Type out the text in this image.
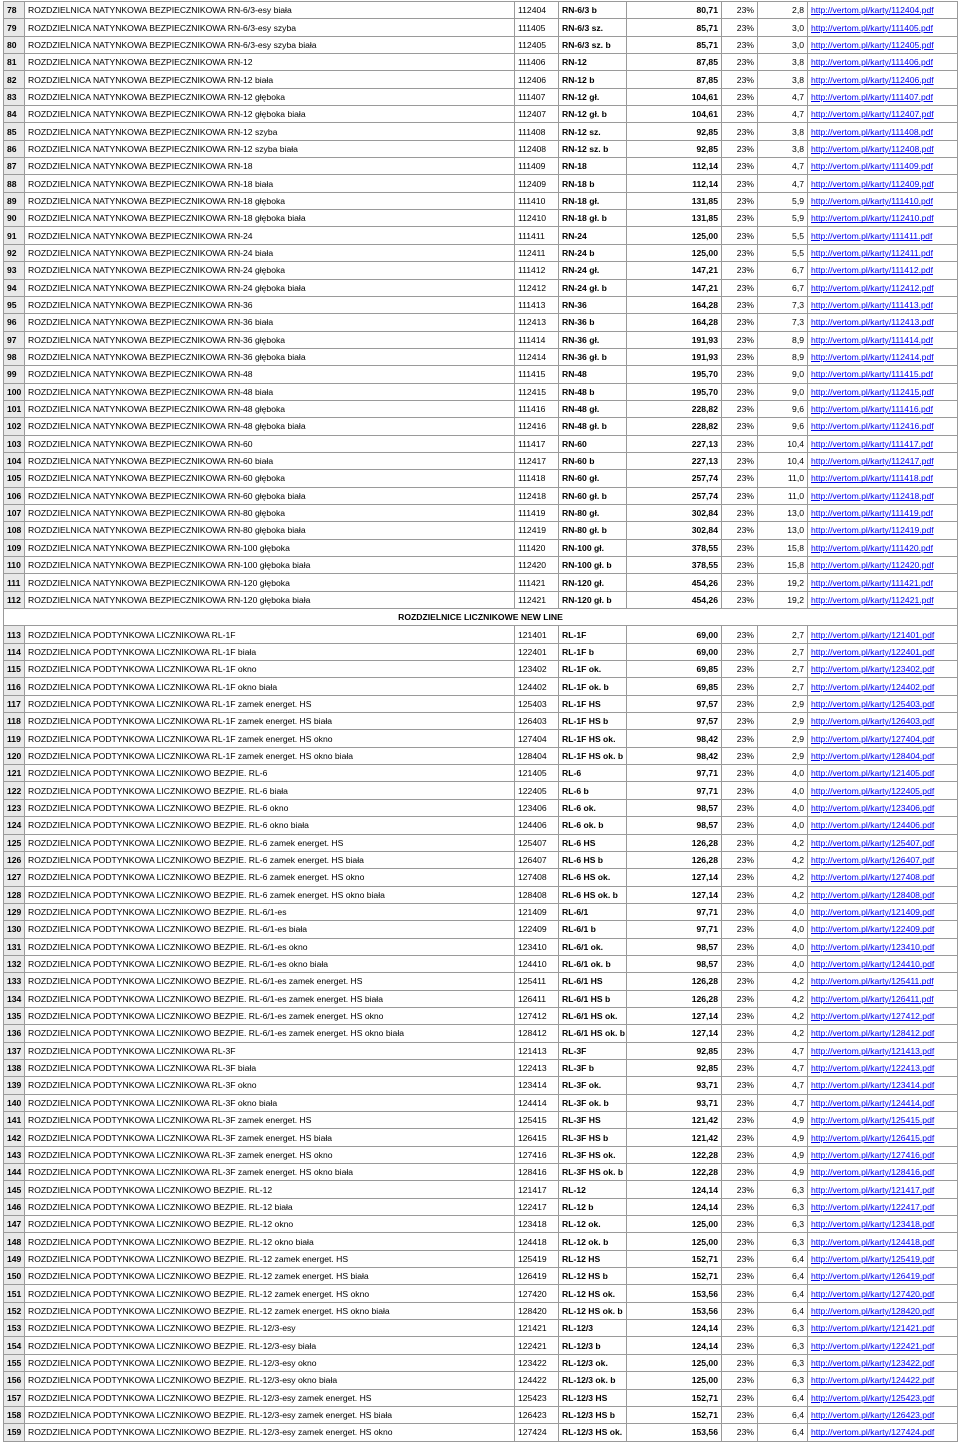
78	ROZDZIELNICA NATYNKOWA BEZPIECZNIKOWA RN-6/3-esy biała	112404	RN-6/3 b	80,71	23%	2,8	http://vertom.pl/karty/112404.pdf
79	ROZDZIELNICA NATYNKOWA BEZPIECZNIKOWA RN-6/3-esy szyba	111405	RN-6/3 sz.	85,71	23%	3,0	http://vertom.pl/karty/111405.pdf
80	ROZDZIELNICA NATYNKOWA BEZPIECZNIKOWA RN-6/3-esy szyba biała	112405	RN-6/3 sz. b	85,71	23%	3,0	http://vertom.pl/karty/112405.pdf
81	ROZDZIELNICA NATYNKOWA BEZPIECZNIKOWA RN-12	111406	RN-12	87,85	23%	3,8	http://vertom.pl/karty/111406.pdf
82	ROZDZIELNICA NATYNKOWA BEZPIECZNIKOWA RN-12 biała	112406	RN-12 b	87,85	23%	3,8	http://vertom.pl/karty/112406.pdf
83	ROZDZIELNICA NATYNKOWA BEZPIECZNIKOWA RN-12 głęboka	111407	RN-12 gł.	104,61	23%	4,7	http://vertom.pl/karty/111407.pdf
84	ROZDZIELNICA NATYNKOWA BEZPIECZNIKOWA RN-12 głęboka biała	112407	RN-12 gł. b	104,61	23%	4,7	http://vertom.pl/karty/112407.pdf
85	ROZDZIELNICA NATYNKOWA BEZPIECZNIKOWA RN-12 szyba	111408	RN-12 sz.	92,85	23%	3,8	http://vertom.pl/karty/111408.pdf
86	ROZDZIELNICA NATYNKOWA BEZPIECZNIKOWA RN-12 szyba biała	112408	RN-12 sz. b	92,85	23%	3,8	http://vertom.pl/karty/112408.pdf
87	ROZDZIELNICA NATYNKOWA BEZPIECZNIKOWA RN-18	111409	RN-18	112,14	23%	4,7	http://vertom.pl/karty/111409.pdf
88	ROZDZIELNICA NATYNKOWA BEZPIECZNIKOWA RN-18 biała	112409	RN-18 b	112,14	23%	4,7	http://vertom.pl/karty/112409.pdf
89	ROZDZIELNICA NATYNKOWA BEZPIECZNIKOWA RN-18 głęboka	111410	RN-18 gł.	131,85	23%	5,9	http://vertom.pl/karty/111410.pdf
90	ROZDZIELNICA NATYNKOWA BEZPIECZNIKOWA RN-18 głęboka biała	112410	RN-18 gł. b	131,85	23%	5,9	http://vertom.pl/karty/112410.pdf
91	ROZDZIELNICA NATYNKOWA BEZPIECZNIKOWA RN-24	111411	RN-24	125,00	23%	5,5	http://vertom.pl/karty/111411.pdf
92	ROZDZIELNICA NATYNKOWA BEZPIECZNIKOWA RN-24 biała	112411	RN-24 b	125,00	23%	5,5	http://vertom.pl/karty/112411.pdf
93	ROZDZIELNICA NATYNKOWA BEZPIECZNIKOWA RN-24 głęboka	111412	RN-24 gł.	147,21	23%	6,7	http://vertom.pl/karty/111412.pdf
94	ROZDZIELNICA NATYNKOWA BEZPIECZNIKOWA RN-24 głęboka biała	112412	RN-24 gł. b	147,21	23%	6,7	http://vertom.pl/karty/112412.pdf
95	ROZDZIELNICA NATYNKOWA BEZPIECZNIKOWA RN-36	111413	RN-36	164,28	23%	7,3	http://vertom.pl/karty/111413.pdf
96	ROZDZIELNICA NATYNKOWA BEZPIECZNIKOWA RN-36 biała	112413	RN-36 b	164,28	23%	7,3	http://vertom.pl/karty/112413.pdf
97	ROZDZIELNICA NATYNKOWA BEZPIECZNIKOWA RN-36 głęboka	111414	RN-36 gł.	191,93	23%	8,9	http://vertom.pl/karty/111414.pdf
98	ROZDZIELNICA NATYNKOWA BEZPIECZNIKOWA RN-36 głęboka biała	112414	RN-36 gł. b	191,93	23%	8,9	http://vertom.pl/karty/112414.pdf
99	ROZDZIELNICA NATYNKOWA BEZPIECZNIKOWA RN-48	111415	RN-48	195,70	23%	9,0	http://vertom.pl/karty/111415.pdf
100	ROZDZIELNICA NATYNKOWA BEZPIECZNIKOWA RN-48 biała	112415	RN-48 b	195,70	23%	9,0	http://vertom.pl/karty/112415.pdf
101	ROZDZIELNICA NATYNKOWA BEZPIECZNIKOWA RN-48 głęboka	111416	RN-48 gł.	228,82	23%	9,6	http://vertom.pl/karty/111416.pdf
102	ROZDZIELNICA NATYNKOWA BEZPIECZNIKOWA RN-48 głęboka biała	112416	RN-48 gł. b	228,82	23%	9,6	http://vertom.pl/karty/112416.pdf
103	ROZDZIELNICA NATYNKOWA BEZPIECZNIKOWA RN-60	111417	RN-60	227,13	23%	10,4	http://vertom.pl/karty/111417.pdf
104	ROZDZIELNICA NATYNKOWA BEZPIECZNIKOWA RN-60 biała	112417	RN-60 b	227,13	23%	10,4	http://vertom.pl/karty/112417.pdf
105	ROZDZIELNICA NATYNKOWA BEZPIECZNIKOWA RN-60 głęboka	111418	RN-60 gł.	257,74	23%	11,0	http://vertom.pl/karty/111418.pdf
106	ROZDZIELNICA NATYNKOWA BEZPIECZNIKOWA RN-60 głęboka biała	112418	RN-60 gł. b	257,74	23%	11,0	http://vertom.pl/karty/112418.pdf
107	ROZDZIELNICA NATYNKOWA BEZPIECZNIKOWA RN-80 głęboka	111419	RN-80 gł.	302,84	23%	13,0	http://vertom.pl/karty/111419.pdf
108	ROZDZIELNICA NATYNKOWA BEZPIECZNIKOWA RN-80 głęboka biała	112419	RN-80 gł. b	302,84	23%	13,0	http://vertom.pl/karty/112419.pdf
109	ROZDZIELNICA NATYNKOWA BEZPIECZNIKOWA RN-100 głęboka	111420	RN-100 gł.	378,55	23%	15,8	http://vertom.pl/karty/111420.pdf
110	ROZDZIELNICA NATYNKOWA BEZPIECZNIKOWA RN-100 głęboka biała	112420	RN-100 gł. b	378,55	23%	15,8	http://vertom.pl/karty/112420.pdf
111	ROZDZIELNICA NATYNKOWA BEZPIECZNIKOWA RN-120 głęboka	111421	RN-120 gł.	454,26	23%	19,2	http://vertom.pl/karty/111421.pdf
112	ROZDZIELNICA NATYNKOWA BEZPIECZNIKOWA RN-120 głęboka biała	112421	RN-120 gł. b	454,26	23%	19,2	http://vertom.pl/karty/112421.pdf
ROZDZIELNICE LICZNIKOWE NEW LINE							
113	ROZDZIELNICA PODTYNKOWA LICZNIKOWA RL-1F	121401	RL-1F	69,00	23%	2,7	http://vertom.pl/karty/121401.pdf
114	ROZDZIELNICA PODTYNKOWA LICZNIKOWA RL-1F biała	122401	RL-1F b	69,00	23%	2,7	http://vertom.pl/karty/122401.pdf
115	ROZDZIELNICA PODTYNKOWA LICZNIKOWA RL-1F okno	123402	RL-1F ok.	69,85	23%	2,7	http://vertom.pl/karty/123402.pdf
116	ROZDZIELNICA PODTYNKOWA LICZNIKOWA RL-1F okno biała	124402	RL-1F ok. b	69,85	23%	2,7	http://vertom.pl/karty/124402.pdf
117	ROZDZIELNICA PODTYNKOWA LICZNIKOWA RL-1F zamek energet. HS	125403	RL-1F HS	97,57	23%	2,9	http://vertom.pl/karty/125403.pdf
118	ROZDZIELNICA PODTYNKOWA LICZNIKOWA RL-1F zamek energet. HS biała	126403	RL-1F HS b	97,57	23%	2,9	http://vertom.pl/karty/126403.pdf
119	ROZDZIELNICA PODTYNKOWA LICZNIKOWA RL-1F zamek energet. HS okno	127404	RL-1F HS ok.	98,42	23%	2,9	http://vertom.pl/karty/127404.pdf
120	ROZDZIELNICA PODTYNKOWA LICZNIKOWA RL-1F zamek energet. HS okno biała	128404	RL-1F HS ok. b	98,42	23%	2,9	http://vertom.pl/karty/128404.pdf
121	ROZDZIELNICA PODTYNKOWA LICZNIKOWO BEZPIE. RL-6	121405	RL-6	97,71	23%	4,0	http://vertom.pl/karty/121405.pdf
122	ROZDZIELNICA PODTYNKOWA LICZNIKOWO BEZPIE. RL-6 biała	122405	RL-6 b	97,71	23%	4,0	http://vertom.pl/karty/122405.pdf
123	ROZDZIELNICA PODTYNKOWA LICZNIKOWO BEZPIE. RL-6 okno	123406	RL-6 ok.	98,57	23%	4,0	http://vertom.pl/karty/123406.pdf
124	ROZDZIELNICA PODTYNKOWA LICZNIKOWO BEZPIE. RL-6 okno biała	124406	RL-6 ok. b	98,57	23%	4,0	http://vertom.pl/karty/124406.pdf
125	ROZDZIELNICA PODTYNKOWA LICZNIKOWO BEZPIE. RL-6 zamek energet. HS	125407	RL-6 HS	126,28	23%	4,2	http://vertom.pl/karty/125407.pdf
126	ROZDZIELNICA PODTYNKOWA LICZNIKOWO BEZPIE. RL-6 zamek energet. HS biała	126407	RL-6 HS b	126,28	23%	4,2	http://vertom.pl/karty/126407.pdf
127	ROZDZIELNICA PODTYNKOWA LICZNIKOWO BEZPIE. RL-6 zamek energet. HS okno	127408	RL-6 HS ok.	127,14	23%	4,2	http://vertom.pl/karty/127408.pdf
128	ROZDZIELNICA PODTYNKOWA LICZNIKOWO BEZPIE. RL-6 zamek energet. HS okno biała	128408	RL-6 HS ok. b	127,14	23%	4,2	http://vertom.pl/karty/128408.pdf
129	ROZDZIELNICA PODTYNKOWA LICZNIKOWO BEZPIE. RL-6/1-es	121409	RL-6/1	97,71	23%	4,0	http://vertom.pl/karty/121409.pdf
130	ROZDZIELNICA PODTYNKOWA LICZNIKOWO BEZPIE. RL-6/1-es biała	122409	RL-6/1 b	97,71	23%	4,0	http://vertom.pl/karty/122409.pdf
131	ROZDZIELNICA PODTYNKOWA LICZNIKOWO BEZPIE. RL-6/1-es okno	123410	RL-6/1 ok.	98,57	23%	4,0	http://vertom.pl/karty/123410.pdf
132	ROZDZIELNICA PODTYNKOWA LICZNIKOWO BEZPIE. RL-6/1-es okno biała	124410	RL-6/1 ok. b	98,57	23%	4,0	http://vertom.pl/karty/124410.pdf
133	ROZDZIELNICA PODTYNKOWA LICZNIKOWO BEZPIE. RL-6/1-es zamek energet. HS	125411	RL-6/1 HS	126,28	23%	4,2	http://vertom.pl/karty/125411.pdf
134	ROZDZIELNICA PODTYNKOWA LICZNIKOWO BEZPIE. RL-6/1-es zamek energet. HS biała	126411	RL-6/1 HS b	126,28	23%	4,2	http://vertom.pl/karty/126411.pdf
135	ROZDZIELNICA PODTYNKOWA LICZNIKOWO BEZPIE. RL-6/1-es zamek energet. HS okno	127412	RL-6/1 HS ok.	127,14	23%	4,2	http://vertom.pl/karty/127412.pdf
136	ROZDZIELNICA PODTYNKOWA LICZNIKOWO BEZPIE. RL-6/1-es zamek energet. HS okno biała	128412	RL-6/1 HS ok. b	127,14	23%	4,2	http://vertom.pl/karty/128412.pdf
137	ROZDZIELNICA PODTYNKOWA LICZNIKOWA RL-3F	121413	RL-3F	92,85	23%	4,7	http://vertom.pl/karty/121413.pdf
138	ROZDZIELNICA PODTYNKOWA LICZNIKOWA RL-3F biała	122413	RL-3F b	92,85	23%	4,7	http://vertom.pl/karty/122413.pdf
139	ROZDZIELNICA PODTYNKOWA LICZNIKOWA RL-3F okno	123414	RL-3F ok.	93,71	23%	4,7	http://vertom.pl/karty/123414.pdf
140	ROZDZIELNICA PODTYNKOWA LICZNIKOWA RL-3F okno biała	124414	RL-3F ok. b	93,71	23%	4,7	http://vertom.pl/karty/124414.pdf
141	ROZDZIELNICA PODTYNKOWA LICZNIKOWA RL-3F zamek energet. HS	125415	RL-3F HS	121,42	23%	4,9	http://vertom.pl/karty/125415.pdf
142	ROZDZIELNICA PODTYNKOWA LICZNIKOWA RL-3F zamek energet. HS biała	126415	RL-3F HS b	121,42	23%	4,9	http://vertom.pl/karty/126415.pdf
143	ROZDZIELNICA PODTYNKOWA LICZNIKOWA RL-3F zamek energet. HS okno	127416	RL-3F HS ok.	122,28	23%	4,9	http://vertom.pl/karty/127416.pdf
144	ROZDZIELNICA PODTYNKOWA LICZNIKOWA RL-3F zamek energet. HS okno biała	128416	RL-3F HS ok. b	122,28	23%	4,9	http://vertom.pl/karty/128416.pdf
145	ROZDZIELNICA PODTYNKOWA LICZNIKOWO BEZPIE. RL-12	121417	RL-12	124,14	23%	6,3	http://vertom.pl/karty/121417.pdf
146	ROZDZIELNICA PODTYNKOWA LICZNIKOWO BEZPIE. RL-12 biała	122417	RL-12 b	124,14	23%	6,3	http://vertom.pl/karty/122417.pdf
147	ROZDZIELNICA PODTYNKOWA LICZNIKOWO BEZPIE. RL-12 okno	123418	RL-12 ok.	125,00	23%	6,3	http://vertom.pl/karty/123418.pdf
148	ROZDZIELNICA PODTYNKOWA LICZNIKOWO BEZPIE. RL-12 okno biała	124418	RL-12 ok. b	125,00	23%	6,3	http://vertom.pl/karty/124418.pdf
149	ROZDZIELNICA PODTYNKOWA LICZNIKOWO BEZPIE. RL-12 zamek energet. HS	125419	RL-12 HS	152,71	23%	6,4	http://vertom.pl/karty/125419.pdf
150	ROZDZIELNICA PODTYNKOWA LICZNIKOWO BEZPIE. RL-12 zamek energet. HS biała	126419	RL-12 HS b	152,71	23%	6,4	http://vertom.pl/karty/126419.pdf
151	ROZDZIELNICA PODTYNKOWA LICZNIKOWO BEZPIE. RL-12 zamek energet. HS okno	127420	RL-12 HS ok.	153,56	23%	6,4	http://vertom.pl/karty/127420.pdf
152	ROZDZIELNICA PODTYNKOWA LICZNIKOWO BEZPIE. RL-12 zamek energet. HS okno biała	128420	RL-12 HS ok. b	153,56	23%	6,4	http://vertom.pl/karty/128420.pdf
153	ROZDZIELNICA PODTYNKOWA LICZNIKOWO BEZPIE. RL-12/3-esy	121421	RL-12/3	124,14	23%	6,3	http://vertom.pl/karty/121421.pdf
154	ROZDZIELNICA PODTYNKOWA LICZNIKOWO BEZPIE. RL-12/3-esy biała	122421	RL-12/3 b	124,14	23%	6,3	http://vertom.pl/karty/122421.pdf
155	ROZDZIELNICA PODTYNKOWA LICZNIKOWO BEZPIE. RL-12/3-esy okno	123422	RL-12/3 ok.	125,00	23%	6,3	http://vertom.pl/karty/123422.pdf
156	ROZDZIELNICA PODTYNKOWA LICZNIKOWO BEZPIE. RL-12/3-esy okno biała	124422	RL-12/3 ok. b	125,00	23%	6,3	http://vertom.pl/karty/124422.pdf
157	ROZDZIELNICA PODTYNKOWA LICZNIKOWO BEZPIE. RL-12/3-esy zamek energet. HS	125423	RL-12/3 HS	152,71	23%	6,4	http://vertom.pl/karty/125423.pdf
158	ROZDZIELNICA PODTYNKOWA LICZNIKOWO BEZPIE. RL-12/3-esy zamek energet. HS biała	126423	RL-12/3 HS b	152,71	23%	6,4	http://vertom.pl/karty/126423.pdf
159	ROZDZIELNICA PODTYNKOWA LICZNIKOWO BEZPIE. RL-12/3-esy zamek energet. HS okno	127424	RL-12/3 HS ok.	153,56	23%	6,4	http://vertom.pl/karty/127424.pdf
